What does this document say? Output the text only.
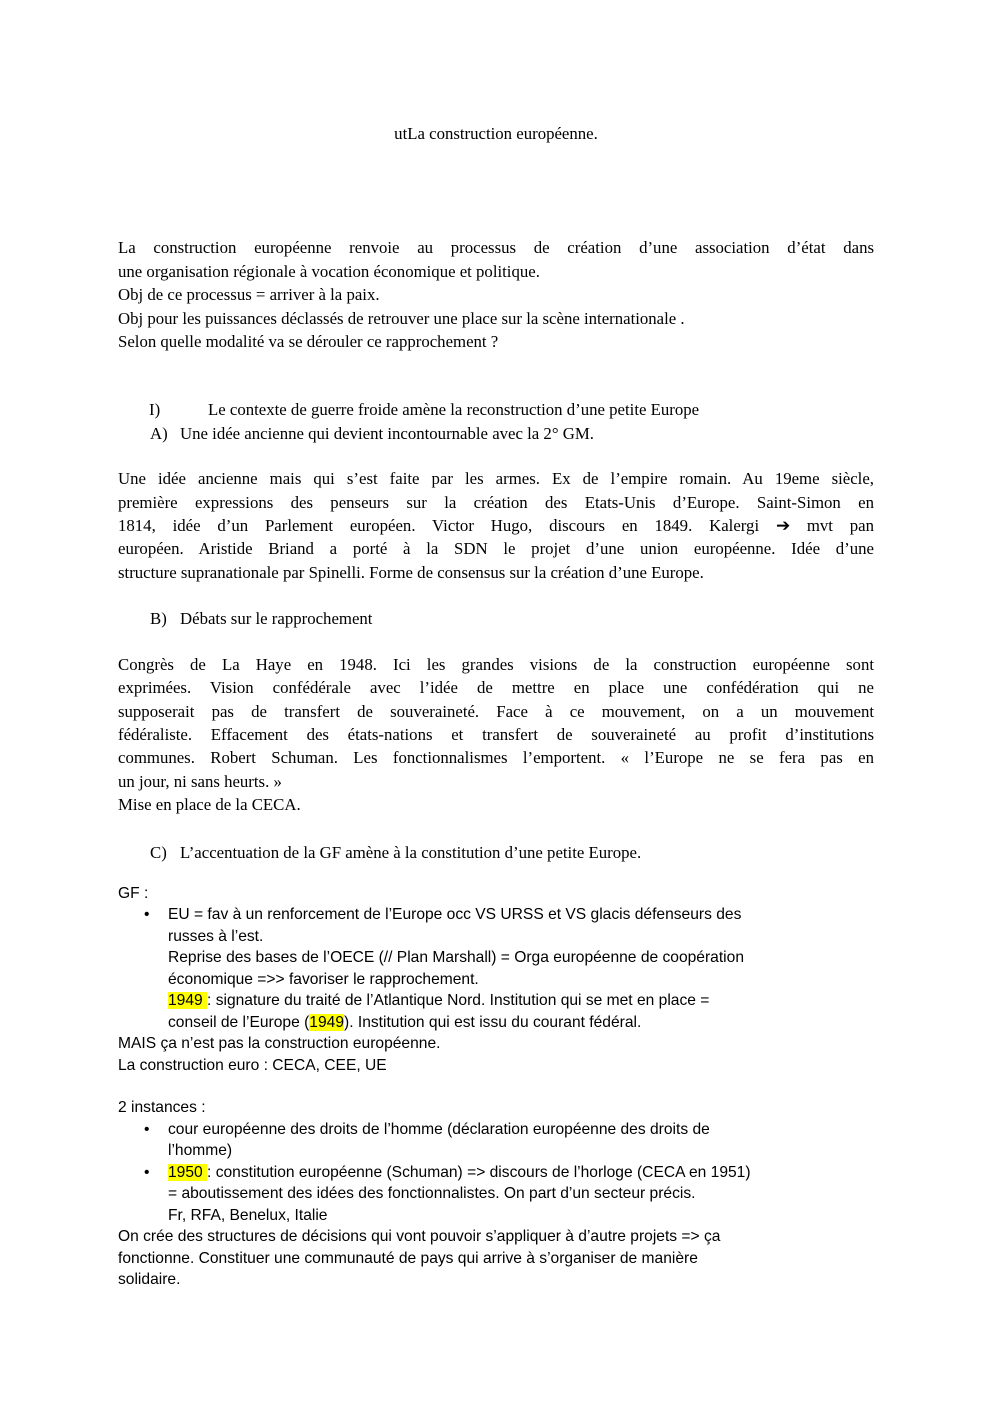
utLa construction européenne.
La construction européenne renvoie au processus de création d’une association d’état dans
une organisation régionale à vocation économique et politique.
Obj de ce processus = arriver à la paix.
Obj pour les puissances déclassés de retrouver une place sur la scène internationale .
Selon quelle modalité va se dérouler ce rapprochement ?
I)	Le contexte de guerre froide amène la reconstruction d’une petite Europe
A) Une idée ancienne qui devient incontournable avec la 2° GM.
Une idée ancienne mais qui s’est faite par les armes. Ex de l’empire romain. Au 19eme siècle,
première expressions des penseurs sur la création des Etats-Unis d’Europe. Saint-Simon en
1814, idée d’un Parlement européen. Victor Hugo, discours en 1849. Kalergi ➔ mvt pan
européen. Aristide Briand a porté à la SDN le projet d’une union européenne. Idée d’une
structure supranationale par Spinelli. Forme de consensus sur la création d’une Europe.
B) Débats sur le rapprochement
Congrès de La Haye en 1948. Ici les grandes visions de la construction européenne sont
exprimées. Vision confédérale avec l’idée de mettre en place une confédération qui ne
supposerait pas de transfert de souveraineté. Face à ce mouvement, on a un mouvement
fédéraliste. Effacement des états-nations et transfert de souveraineté au profit d’institutions
communes. Robert Schuman. Les fonctionnalismes l’emportent. « l’Europe ne se fera pas en
un jour, ni sans heurts. »
Mise en place de la CECA.
C) L’accentuation de la GF amène à la constitution d’une petite Europe.
GF :
• EU = fav à un renforcement de l’Europe occ VS URSS et VS glacis défenseurs des
russes à l’est.
Reprise des bases de l’OECE (// Plan Marshall) = Orga européenne de coopération
économique =>> favoriser le rapprochement.
1949 : signature du traité de l’Atlantique Nord. Institution qui se met en place =
conseil de l’Europe (1949). Institution qui est issu du courant fédéral.
MAIS ça n’est pas la construction européenne.
La construction euro : CECA, CEE, UE
2 instances :
• cour européenne des droits de l’homme (déclaration européenne des droits de
l’homme)
• 1950 : constitution européenne (Schuman) => discours de l’horloge (CECA en 1951)
= aboutissement des idées des fonctionnalistes. On part d’un secteur précis.
Fr, RFA, Benelux, Italie
On crée des structures de décisions qui vont pouvoir s’appliquer à d’autre projets => ça
fonctionne. Constituer une communauté de pays qui arrive à s’organiser de manière
solidaire.
